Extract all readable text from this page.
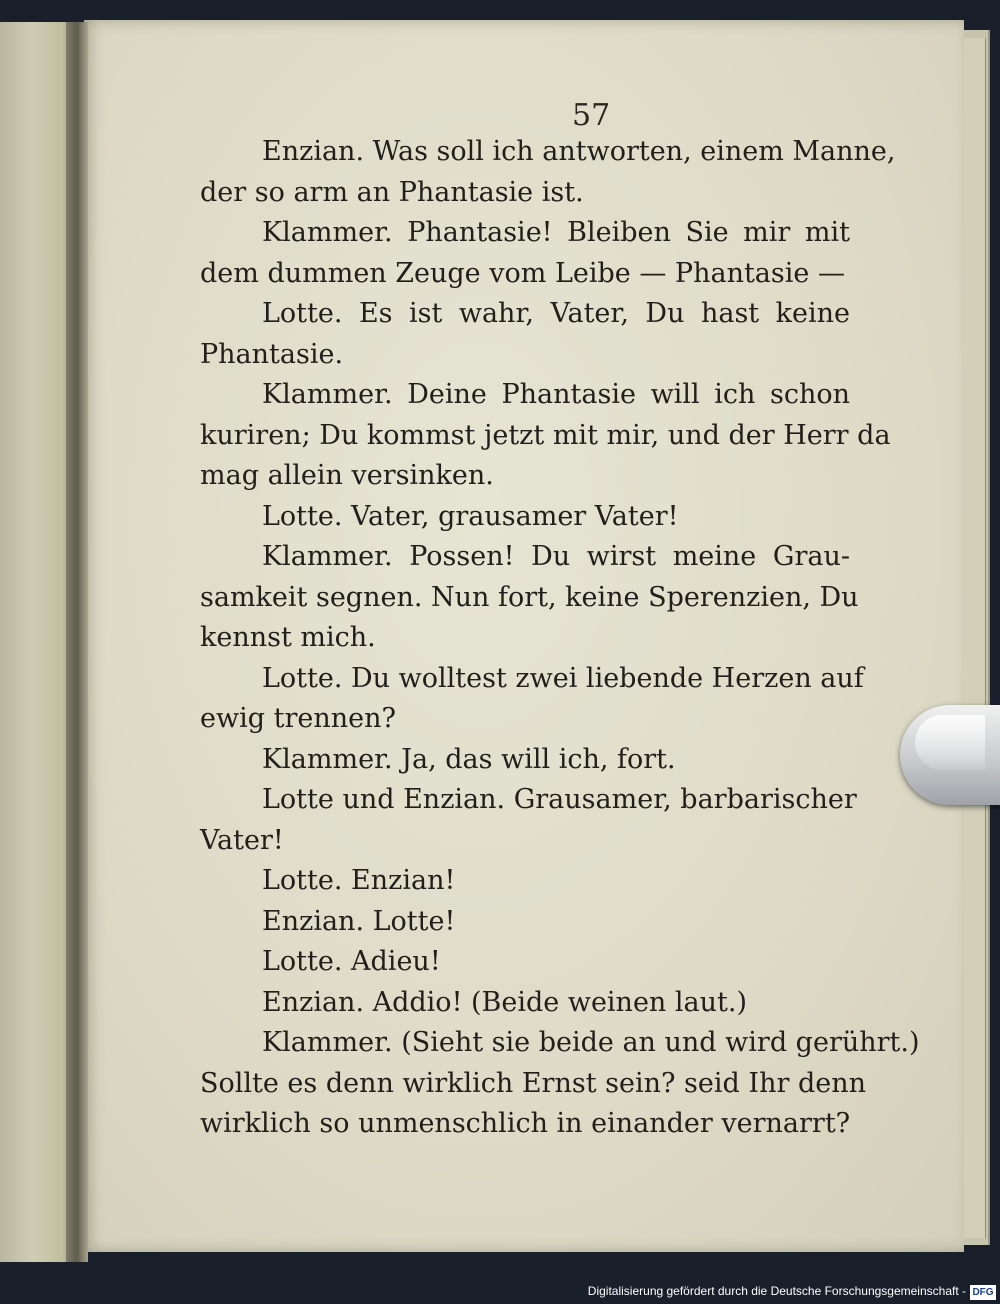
57
Enzian. Was soll ich antworten, einem Manne,
der so arm an Phantasie ist.
Klammer. Phantasie! Bleiben Sie mir mit
dem dummen Zeuge vom Leibe — Phantasie —
Lotte. Es ist wahr, Vater, Du hast keine
Phantasie.
Klammer. Deine Phantasie will ich schon
kuriren; Du kommst jetzt mit mir, und der Herr da
mag allein versinken.
Lotte. Vater, grausamer Vater!
Klammer. Possen! Du wirst meine Grau-
samkeit segnen. Nun fort, keine Sperenzien, Du
kennst mich.
Lotte. Du wolltest zwei liebende Herzen auf
ewig trennen?
Klammer. Ja, das will ich, fort.
Lotte und Enzian. Grausamer, barbarischer
Vater!
Lotte. Enzian!
Enzian. Lotte!
Lotte. Adieu!
Enzian. Addio! (Beide weinen laut.)
Klammer. (Sieht sie beide an und wird gerührt.)
Sollte es denn wirklich Ernst sein? seid Ihr denn
wirklich so unmenschlich in einander vernarrt?
Digitalisierung gefördert durch die Deutsche Forschungsgemeinschaft - DFG
